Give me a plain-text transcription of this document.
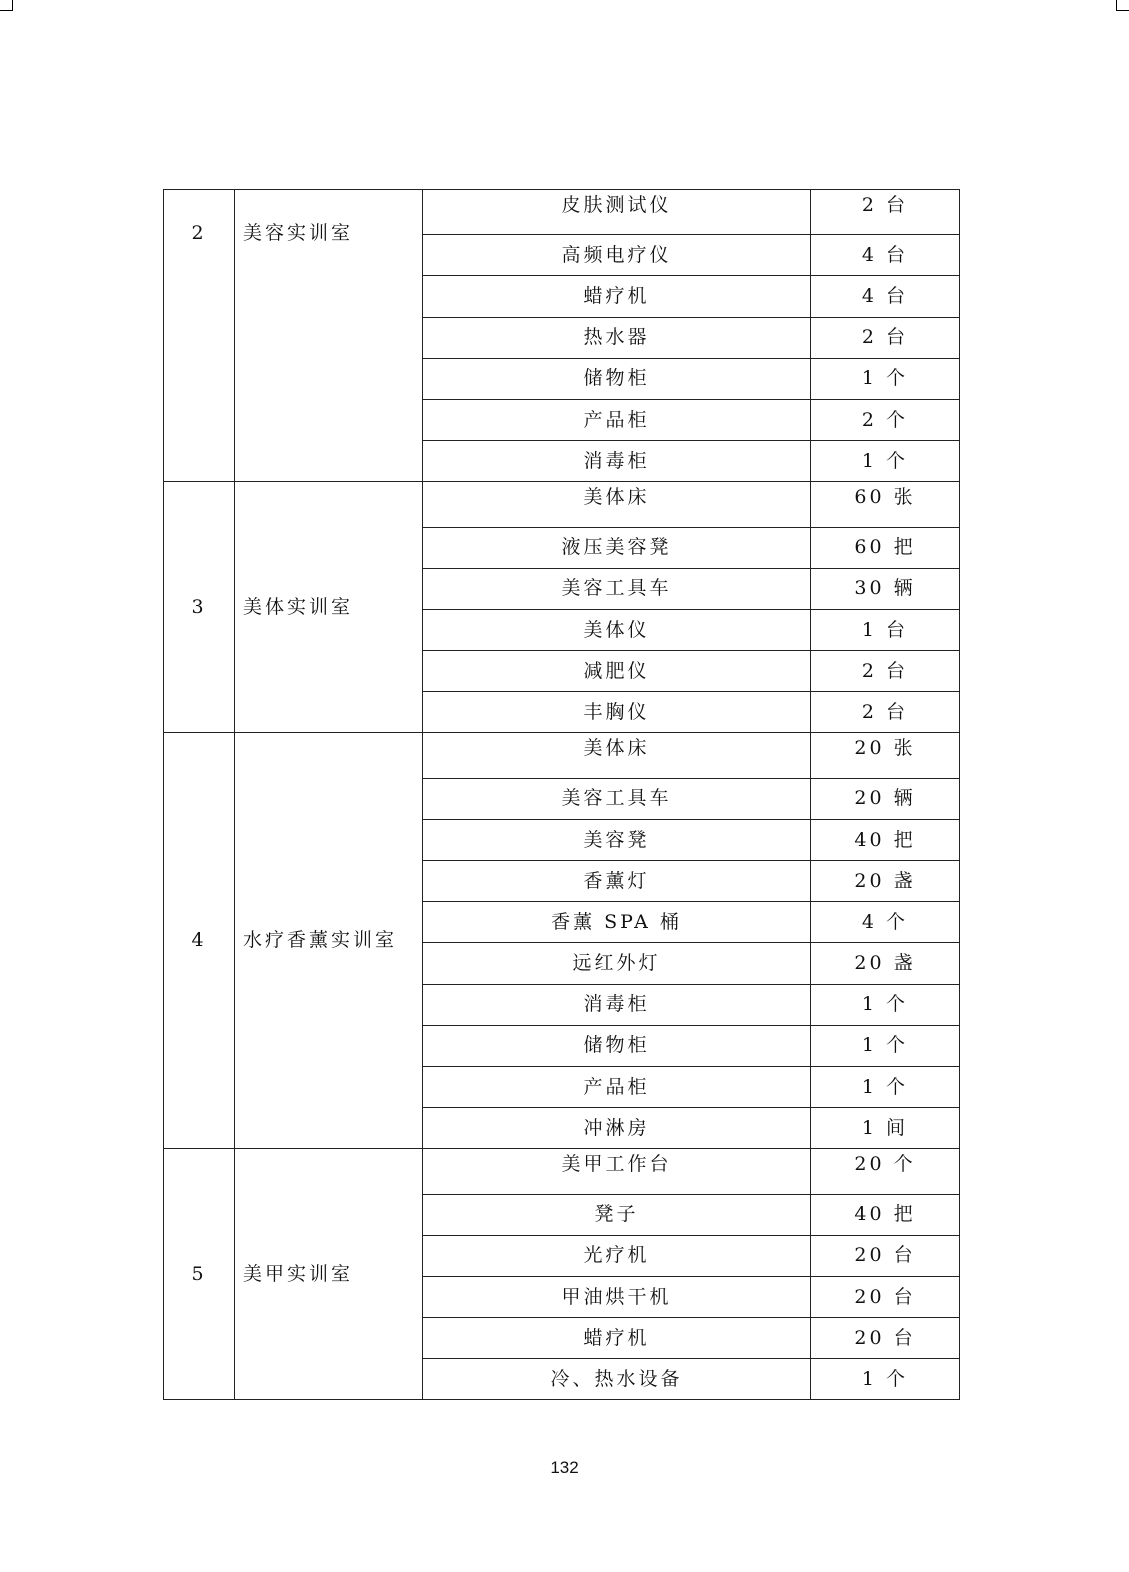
2	美容实训室	皮肤测试仪	2 台
		高频电疗仪	4 台
		蜡疗机	4 台
		热水器	2 台
		储物柜	1 个
		产品柜	2 个
		消毒柜	1 个
3	美体实训室	美体床	60 张
		液压美容凳	60 把
		美容工具车	30 辆
		美体仪	1 台
		减肥仪	2 台
		丰胸仪	2 台
4	水疗香薰实训室	美体床	20 张
		美容工具车	20 辆
		美容凳	40 把
		香薰灯	20 盏
		香薰 SPA 桶	4 个
		远红外灯	20 盏
		消毒柜	1 个
		储物柜	1 个
		产品柜	1 个
		冲淋房	1 间
5	美甲实训室	美甲工作台	20 个
		凳子	40 把
		光疗机	20 台
		甲油烘干机	20 台
		蜡疗机	20 台
		冷、热水设备	1 个
132
